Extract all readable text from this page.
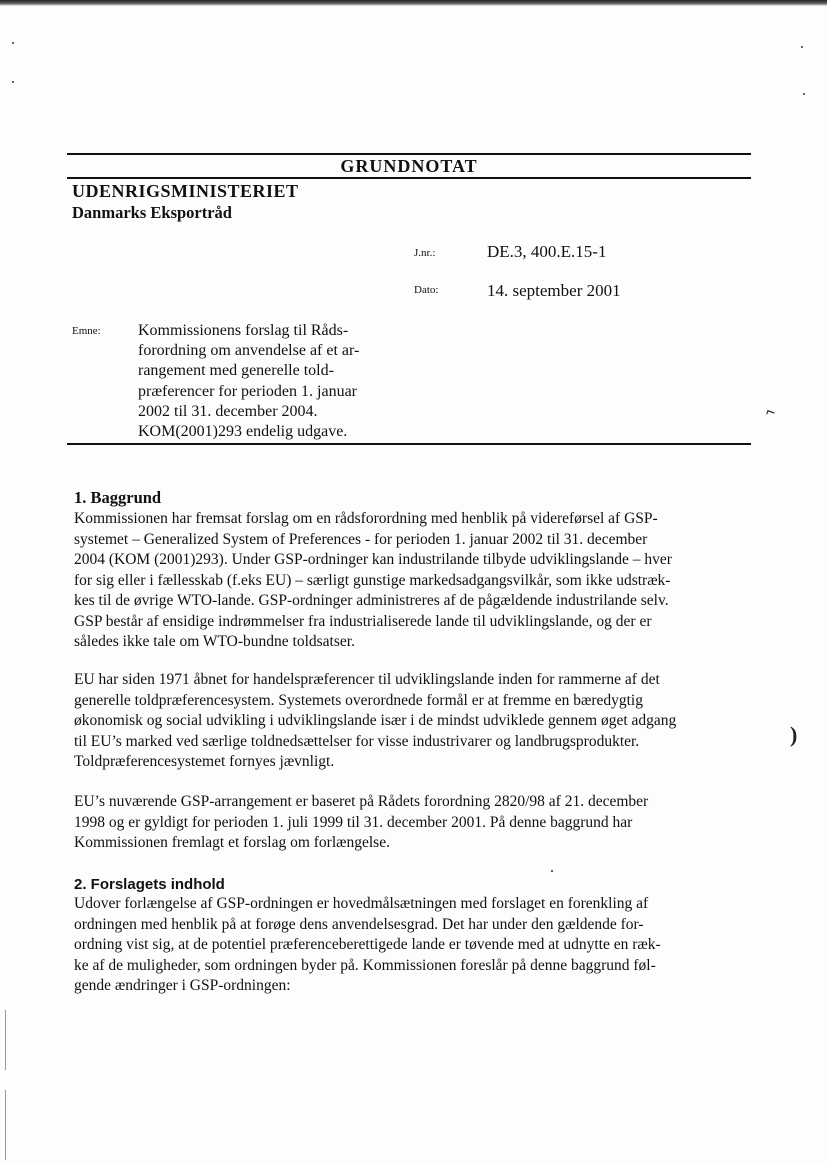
GRUNDNOTAT
UDENRIGSMINISTERIET
Danmarks Eksportråd
J.nr.:	DE.3, 400.E.15-1
Dato:	14. september 2001
Emne: Kommissionens forslag til Råds-
forordning om anvendelse af et ar-
rangement med generelle told-
præferencer for perioden 1. januar
2002 til 31. december 2004.
KOM(2001)293 endelig udgave.
1. Baggrund
Kommissionen har fremsat forslag om en rådsforordning med henblik på videreførsel af GSP-
systemet – Generalized System of Preferences - for perioden 1. januar 2002 til 31. december
2004 (KOM (2001)293). Under GSP-ordninger kan industrilande tilbyde udviklingslande – hver
for sig eller i fællesskab (f.eks EU) – særligt gunstige markedsadgangsvilkår, som ikke udstræk-
kes til de øvrige WTO-lande. GSP-ordninger administreres af de pågældende industrilande selv.
GSP består af ensidige indrømmelser fra industrialiserede lande til udviklingslande, og der er
således ikke tale om WTO-bundne toldsatser.
EU har siden 1971 åbnet for handelspræferencer til udviklingslande inden for rammerne af det
generelle toldpræferencesystem. Systemets overordnede formål er at fremme en bæredygtig
økonomisk og social udvikling i udviklingslande især i de mindst udviklede gennem øget adgang
til EU’s marked ved særlige toldnedsættelser for visse industrivarer og landbrugsprodukter.
Toldpræferencesystemet fornyes jævnligt.
EU’s nuværende GSP-arrangement er baseret på Rådets forordning 2820/98 af 21. december
1998 og er gyldigt for perioden 1. juli 1999 til 31. december 2001. På denne baggrund har
Kommissionen fremlagt et forslag om forlængelse.
2. Forslagets indhold
Udover forlængelse af GSP-ordningen er hovedmålsætningen med forslaget en forenkling af
ordningen med henblik på at forøge dens anvendelsesgrad. Det har under den gældende for-
ordning vist sig, at de potentiel præferenceberettigede lande er tøvende med at udnytte en ræk-
ke af de muligheder, som ordningen byder på. Kommissionen foreslår på denne baggrund føl-
gende ændringer i GSP-ordningen:
⌐
)
